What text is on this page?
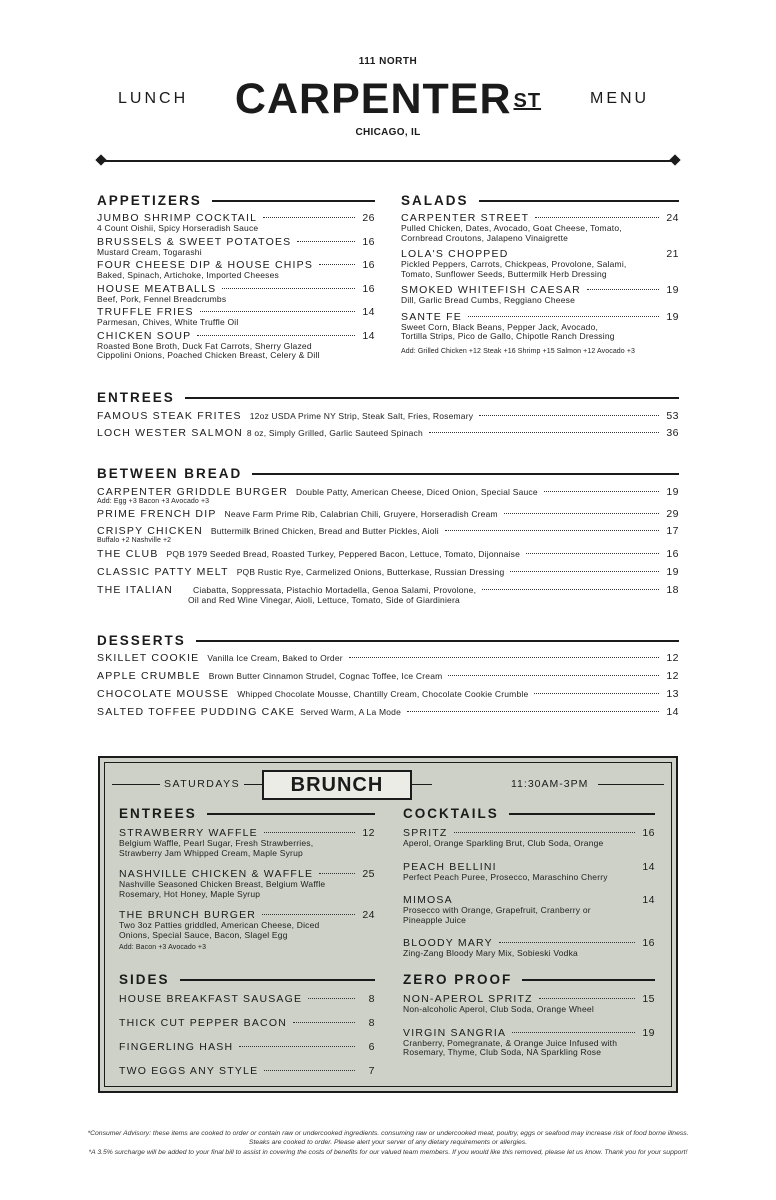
111 NORTH
CARPENTER $^{ST}$
CHICAGO, IL
LUNCH	MENU
APPETIZERS
JUMBO SHRIMP COCKTAIL	26
4 Count Oishii, Spicy Horseradish Sauce
BRUSSELS & SWEET POTATOES	16
Mustard Cream, Togarashi
FOUR CHEESE DIP & HOUSE CHIPS	16
Baked, Spinach, Artichoke, Imported Cheeses
HOUSE MEATBALLS	16
Beef, Pork, Fennel Breadcrumbs
TRUFFLE FRIES	14
Parmesan, Chives, White Truffle Oil
CHICKEN SOUP	14
Roasted Bone Broth, Duck Fat Carrots, Sherry Glazed
Cippolini Onions, Poached Chicken Breast, Celery & Dill
SALADS
CARPENTER STREET	24
Pulled Chicken, Dates, Avocado, Goat Cheese, Tomato,
Cornbread Croutons, Jalapeno Vinaigrette
LOLA'S CHOPPED	21
Pickled Peppers, Carrots, Chickpeas, Provolone, Salami,
Tomato, Sunflower Seeds, Buttermilk Herb Dressing
SMOKED WHITEFISH CAESAR	19
Dill, Garlic Bread Cumbs, Reggiano Cheese
SANTE FE	19
Sweet Corn, Black Beans, Pepper Jack, Avocado,
Tortilla Strips, Pico de Gallo, Chipotle Ranch Dressing
Add: Grilled Chicken +12 Steak +16 Shrimp +15 Salmon +12 Avocado +3
ENTREES
FAMOUS STEAK FRITES 12oz USDA Prime NY Strip, Steak Salt, Fries, Rosemary	53
LOCH WESTER SALMON 8 oz, Simply Grilled, Garlic Sauteed Spinach	36
BETWEEN BREAD
CARPENTER GRIDDLE BURGER Double Patty, American Cheese, Diced Onion, Special Sauce	19
Add: Egg +3 Bacon +3 Avocado +3
PRIME FRENCH DIP Neave Farm Prime Rib, Calabrian Chili, Gruyere, Horseradish Cream	29
CRISPY CHICKEN Buttermilk Brined Chicken, Bread and Butter Pickles, Aioli	17
Buffalo +2 Nashville +2
THE CLUB PQB 1979 Seeded Bread, Roasted Turkey, Peppered Bacon, Lettuce, Tomato, Dijonnaise	16
CLASSIC PATTY MELT PQB Rustic Rye, Carmelized Onions, Butterkase, Russian Dressing	19
THE ITALIAN Ciabatta, Soppressata, Pistachio Mortadella, Genoa Salami, Provolone,	18
Oil and Red Wine Vinegar, Aioli, Lettuce, Tomato, Side of Giardiniera
DESSERTS
SKILLET COOKIE Vanilla Ice Cream, Baked to Order	12
APPLE CRUMBLE Brown Butter Cinnamon Strudel, Cognac Toffee, Ice Cream	12
CHOCOLATE MOUSSE Whipped Chocolate Mousse, Chantilly Cream, Chocolate Cookie Crumble	13
SALTED TOFFEE PUDDING CAKE Served Warm, A La Mode	14
SATURDAYS	BRUNCH	11:30AM-3PM
ENTREES
STRAWBERRY WAFFLE	12
Belgium Waffle, Pearl Sugar, Fresh Strawberries,
Strawberry Jam Whipped Cream, Maple Syrup
NASHVILLE CHICKEN & WAFFLE	25
Nashville Seasoned Chicken Breast, Belgium Waffle
Rosemary, Hot Honey, Maple Syrup
THE BRUNCH BURGER	24
Two 3oz Patties griddled, American Cheese, Diced
Onions, Special Sauce, Bacon, Slagel Egg
Add: Bacon +3 Avocado +3
SIDES
HOUSE BREAKFAST SAUSAGE	8
THICK CUT PEPPER BACON	8
FINGERLING HASH	6
TWO EGGS ANY STYLE	7
COCKTAILS
SPRITZ	16
Aperol, Orange Sparkling Brut, Club Soda, Orange
PEACH BELLINI	14
Perfect Peach Puree, Prosecco, Maraschino Cherry
MIMOSA	14
Prosecco with Orange, Grapefruit, Cranberry or
Pineapple Juice
BLOODY MARY	16
Zing-Zang Bloody Mary Mix, Sobieski Vodka
ZERO PROOF
NON-APEROL SPRITZ	15
Non-alcoholic Aperol, Club Soda, Orange Wheel
VIRGIN SANGRIA	19
Cranberry, Pomegranate, & Orange Juice Infused with
Rosemary, Thyme, Club Soda, NA Sparkling Rose
*Consumer Advisory: these items are cooked to order or contain raw or undercooked ingredients. consuming raw or undercooked meat, poultry, eggs or seafood may increase risk of food borne illness.
Steaks are cooked to order. Please alert your server of any dietary requirements or allergies.
*A 3.5% surcharge will be added to your final bill to assist in covering the costs of benefits for our valued team members. If you would like this removed, please let us know. Thank you for your support!
